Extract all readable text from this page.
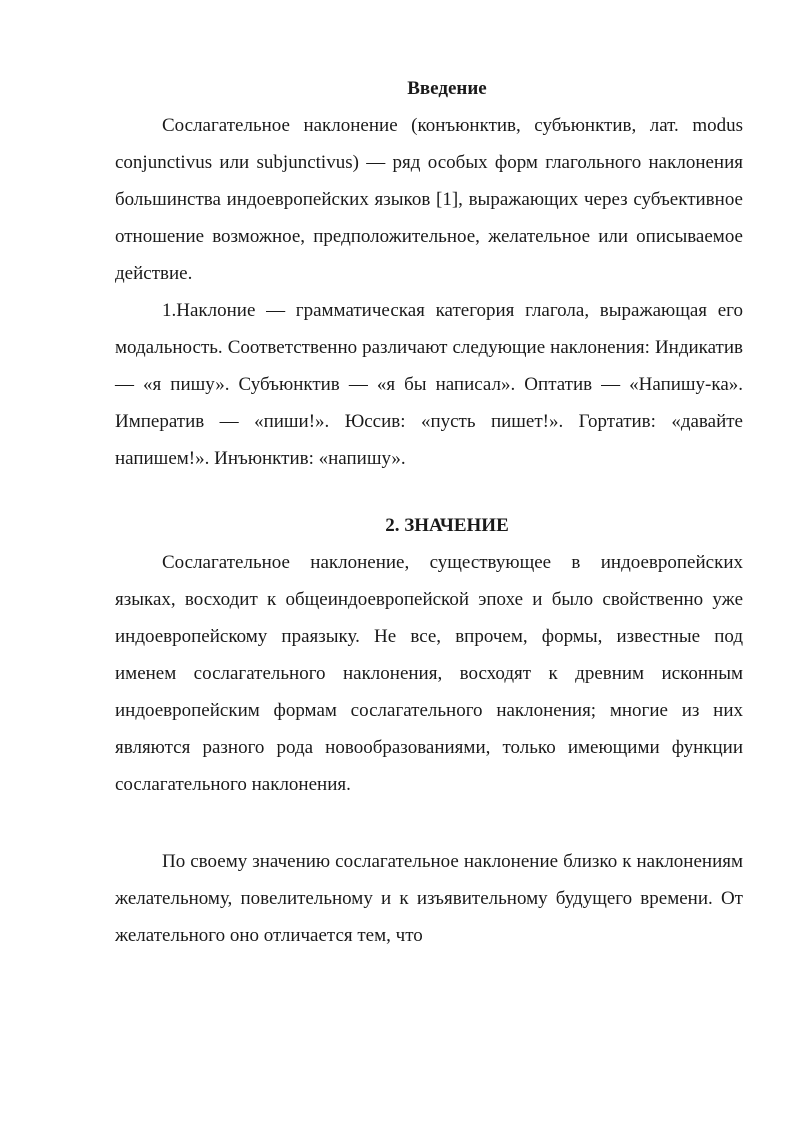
Введение

Сослагательное наклонение (конъюнктив, субъюнктив, лат. modus conjunctivus или subjunctivus) — ряд особых форм глагольного наклонения большинства индоевропейских языков [1], выражающих через субъективное отношение возможное, предположительное, желательное или описываемое действие.

1.Наклоние — грамматическая категория глагола, выражающая его модальность. Соответственно различают следующие наклонения: Индикатив — «я пишу». Субъюнктив — «я бы написал». Оптатив — «Напишу-ка». Императив — «пиши!». Юссив: «пусть пишет!». Гортатив: «давайте напишем!». Инъюнктив: «напишу».

2. ЗНАЧЕНИЕ

Сослагательное наклонение, существующее в индоевропейских языках, восходит к общеиндоевропейской эпохе и было свойственно уже индоевропейскому праязыку. Не все, впрочем, формы, известные под именем сослагательного наклонения, восходят к древним исконным индоевропейским формам сослагательного наклонения; многие из них являются разного рода новообразованиями, только имеющими функции сослагательного наклонения.

По своему значению сослагательное наклонение близко к наклонениям желательному, повелительному и к изъявительному будущего времени. От желательного оно отличается тем, что
